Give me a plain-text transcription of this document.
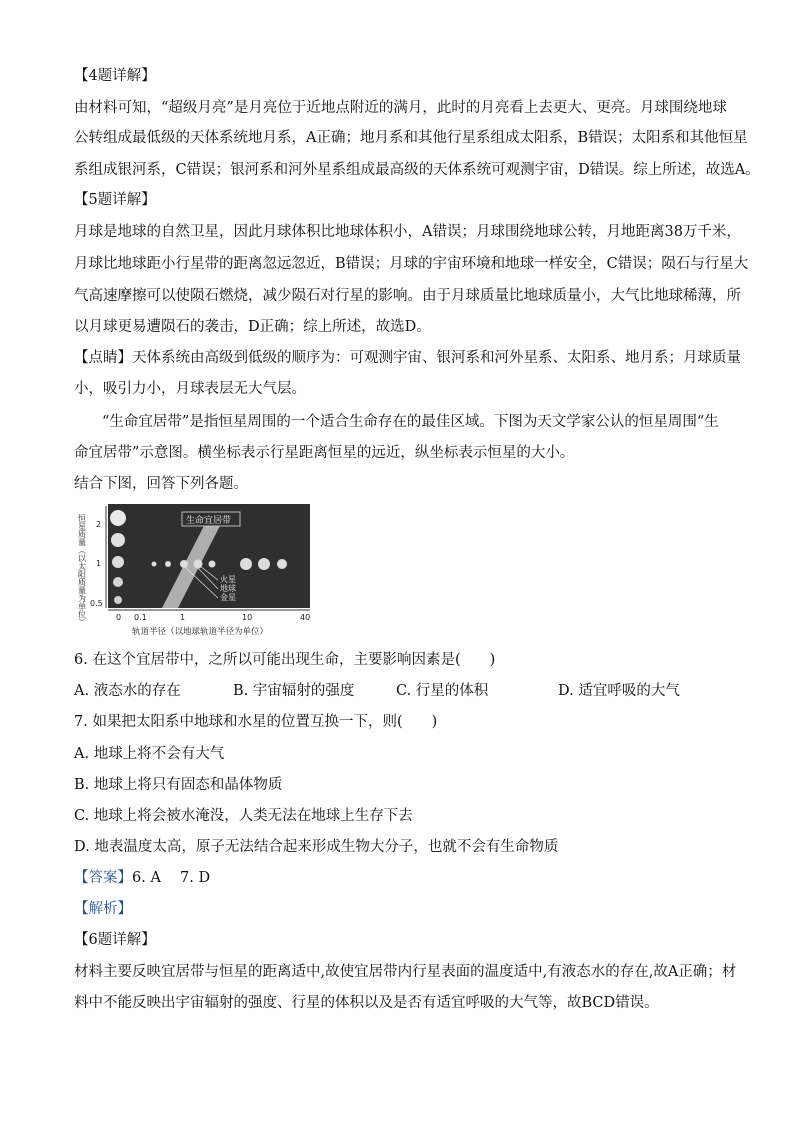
【4题详解】
由材料可知，“超级月亮”是月亮位于近地点附近的满月，此时的月亮看上去更大、更亮。月球围绕地球
公转组成最低级的天体系统地月系，A正确；地月系和其他行星系组成太阳系，B错误；太阳系和其他恒星
系组成银河系，C错误；银河系和河外星系组成最高级的天体系统可观测宇宙，D错误。综上所述，故选A。
【5题详解】
月球是地球的自然卫星，因此月球体积比地球体积小，A错误；月球围绕地球公转，月地距离38万千米，
月球比地球距小行星带的距离忽远忽近，B错误；月球的宇宙环境和地球一样安全，C错误；陨石与行星大
气高速摩擦可以使陨石燃烧，减少陨石对行星的影响。由于月球质量比地球质量小，大气比地球稀薄，所
以月球更易遭陨石的袭击，D正确；综上所述，故选D。
【点睛】天体系统由高级到低级的顺序为：可观测宇宙、银河系和河外星系、太阳系、地月系；月球质量
小，吸引力小，月球表层无大气层。
“生命宜居带”是指恒星周围的一个适合生命存在的最佳区域。下图为天文学家公认的恒星周围“生
命宜居带”示意图。横坐标表示行星距离恒星的远近，纵坐标表示恒星的大小。
结合下图，回答下列各题。
恒星质量（以太阳质量为单位） 2
1
0.5
生命宜居带
火星
地球
金星
0 0.1	1	10	40
轨道半径（以地球轨道半径为单位）
6. 在这个宜居带中，之所以可能出现生命，主要影响因素是(　　)
A. 液态水的存在	B. 宇宙辐射的强度	C. 行星的体积	D. 适宜呼吸的大气
7. 如果把太阳系中地球和水星的位置互换一下，则(　　)
A. 地球上将不会有大气
B. 地球上将只有固态和晶体物质
C. 地球上将会被水淹没，人类无法在地球上生存下去
D. 地表温度太高，原子无法结合起来形成生物大分子，也就不会有生命物质
【答案】6. A　 7. D
【解析】
【6题详解】
材料主要反映宜居带与恒星的距离适中,故使宜居带内行星表面的温度适中,有液态水的存在,故A正确；材
料中不能反映出宇宙辐射的强度、行星的体积以及是否有适宜呼吸的大气等，故BCD错误。
